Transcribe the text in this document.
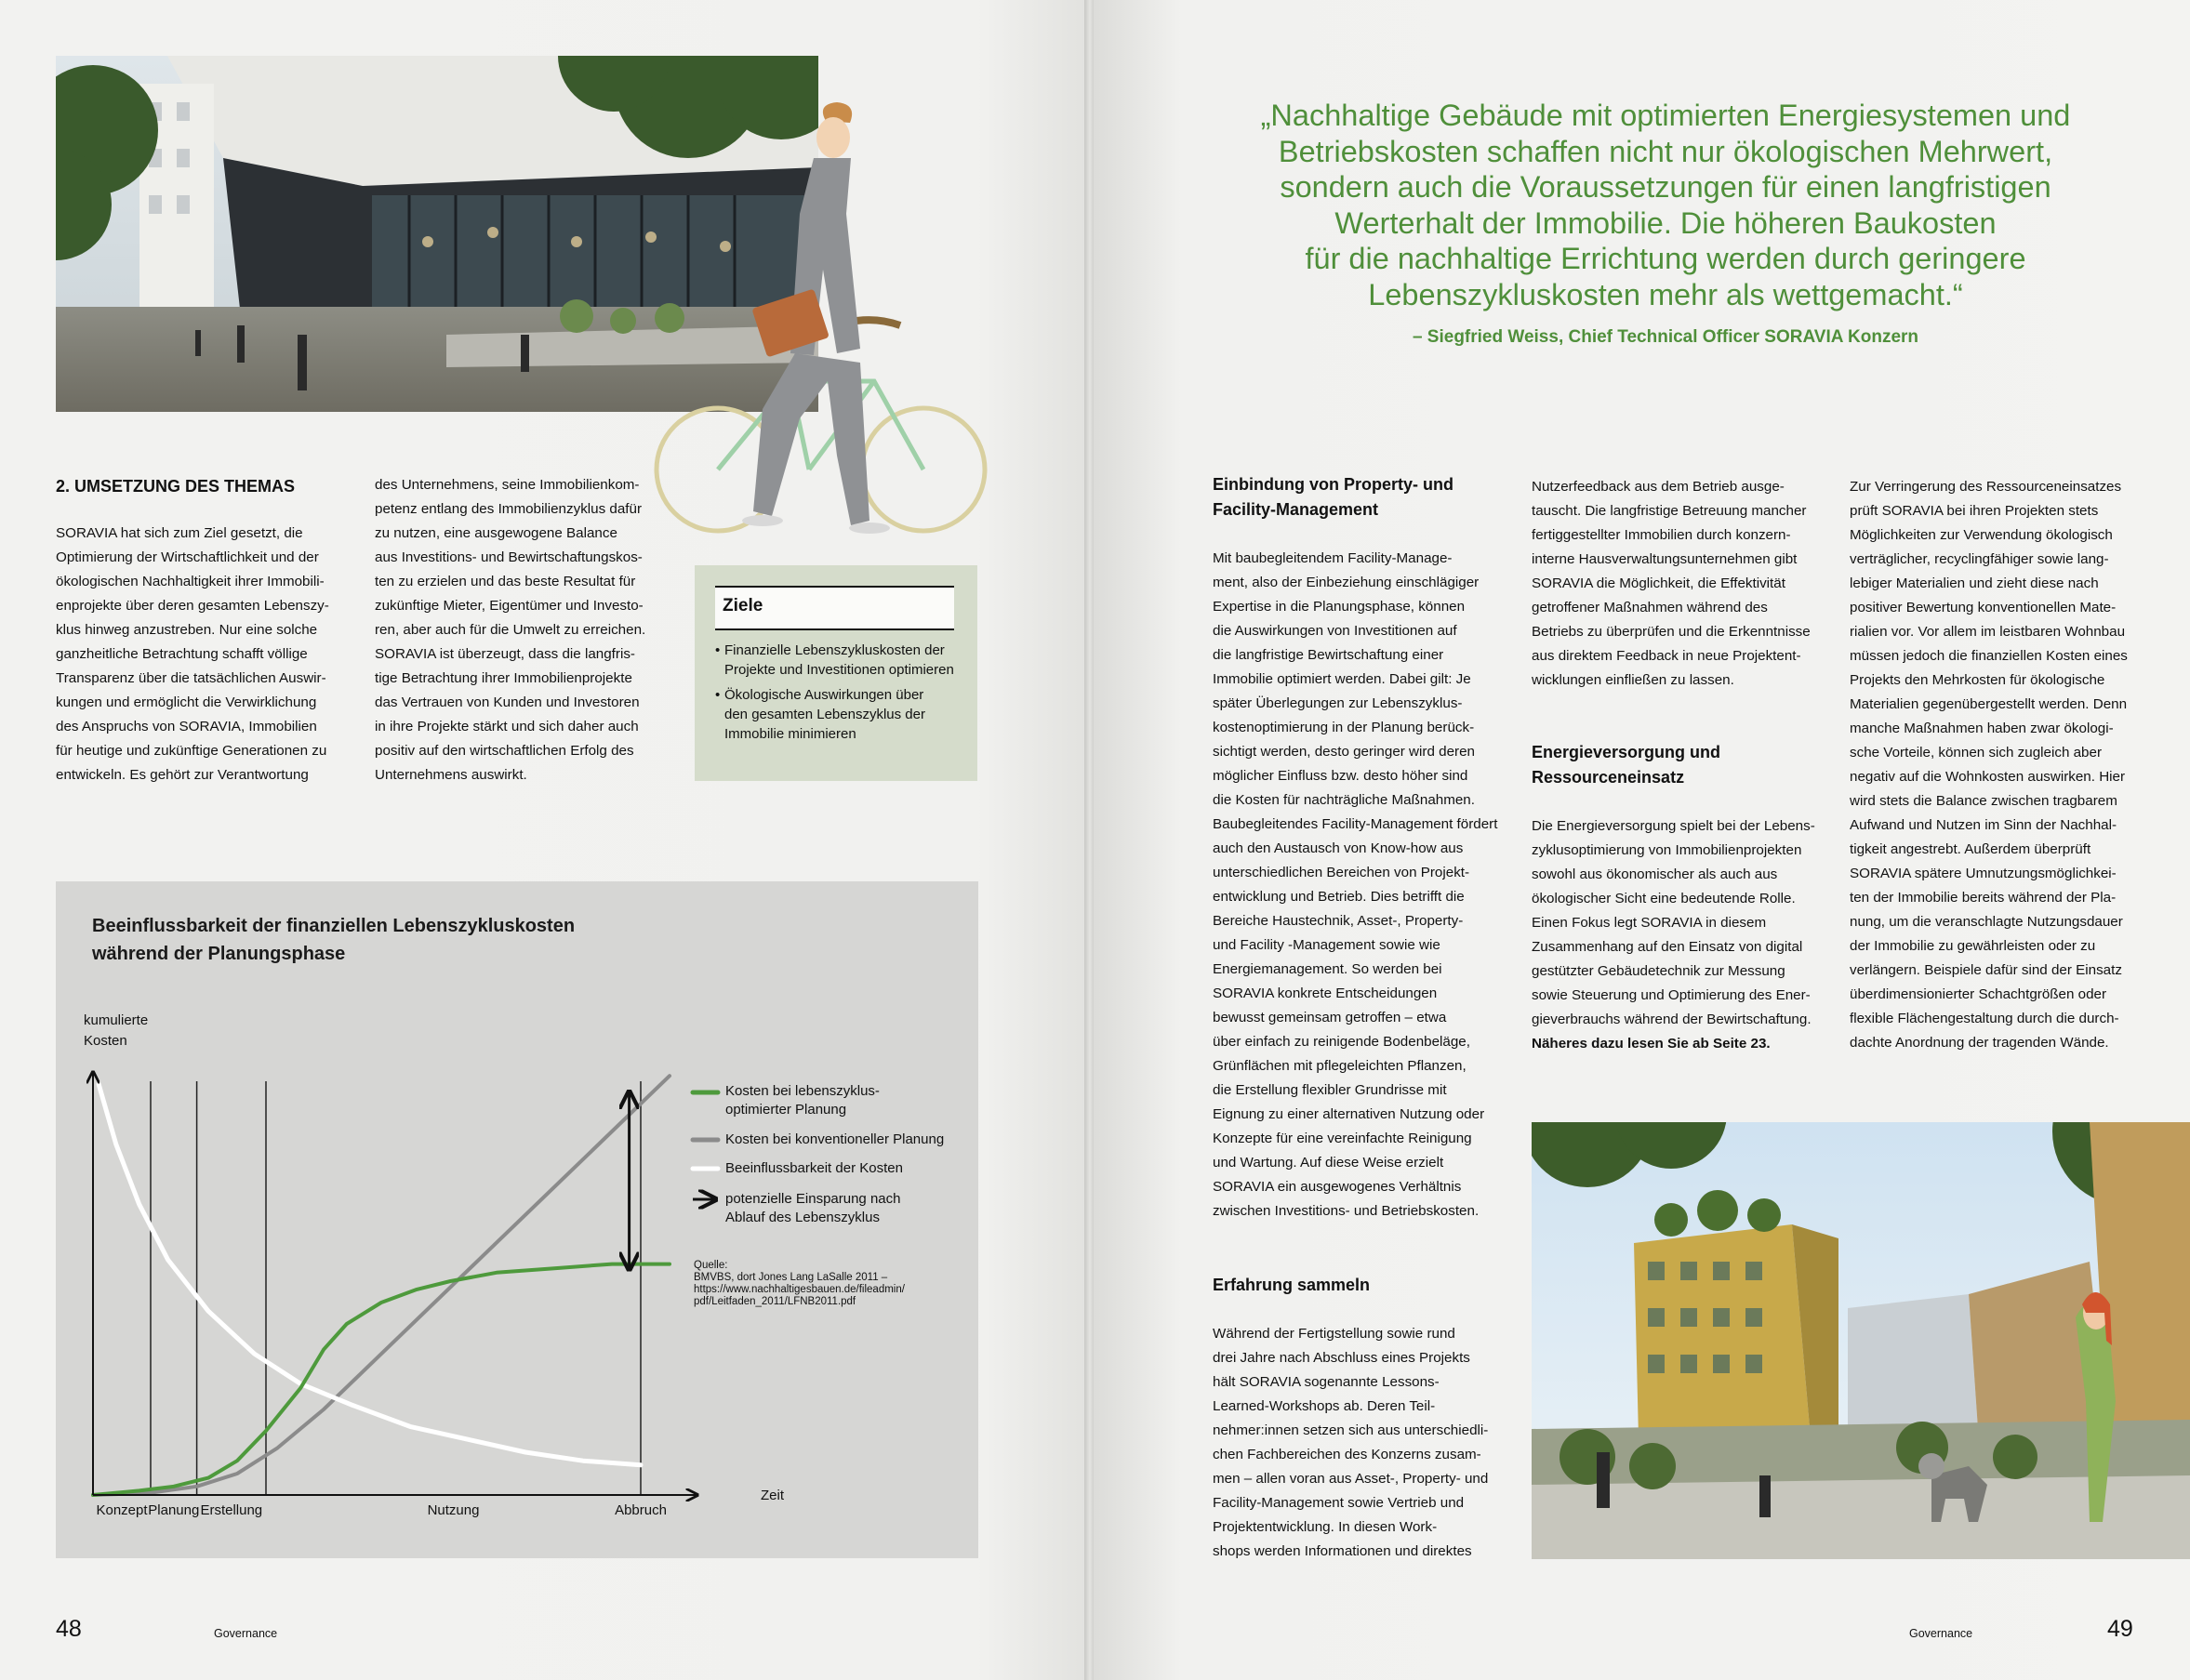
2. UMSETZUNG DES THEMAS
SORAVIA hat sich zum Ziel gesetzt, die
Optimierung der Wirtschaftlichkeit und der
ökologischen Nachhaltigkeit ihrer Immobili-
enprojekte über deren gesamten Lebenszy-
klus hinweg anzustreben. Nur eine solche
ganzheitliche Betrachtung schafft völlige
Transparenz über die tatsächlichen Auswir-
kungen und ermöglicht die Verwirklichung
des Anspruchs von SORAVIA, Immobilien
für heutige und zukünftige Generationen zu
entwickeln. Es gehört zur Verantwortung
des Unternehmens, seine Immobilienkom-
petenz entlang des Immobilienzyklus dafür
zu nutzen, eine ausgewogene Balance
aus Investitions- und Bewirtschaftungskos-
ten zu erzielen und das beste Resultat für
zukünftige Mieter, Eigentümer und Investo-
ren, aber auch für die Umwelt zu erreichen.
SORAVIA ist überzeugt, dass die langfris-
tige Betrachtung ihrer Immobilienprojekte
das Vertrauen von Kunden und Investoren
in ihre Projekte stärkt und sich daher auch
positiv auf den wirtschaftlichen Erfolg des
Unternehmens auswirkt.
Ziele
• Finanzielle Lebenszykluskosten der
Projekte und Investitionen optimieren
• Ökologische Auswirkungen über
den gesamten Lebenszyklus der
Immobilie minimieren
Beeinflussbarkeit der finanziellen Lebenszykluskosten
während der Planungsphase
kumulierte
Kosten
Zeit
Konzept Planung Erstellung	Nutzung	Abbruch
Kosten bei lebenszyklus-
optimierter Planung
Kosten bei konventioneller Planung
Beeinflussbarkeit der Kosten
potenzielle Einsparung nach
Ablauf des Lebenszyklus
Quelle:
BMVBS, dort Jones Lang LaSalle 2011 –
https://www.nachhaltigesbauen.de/fileadmin/
pdf/Leitfaden_2011/LFNB2011.pdf
48	Governance
„Nachhaltige Gebäude mit optimierten Energiesystemen und
Betriebskosten schaffen nicht nur ökologischen Mehrwert,
sondern auch die Voraussetzungen für einen langfristigen
Werterhalt der Immobilie. Die höheren Baukosten
für die nachhaltige Errichtung werden durch geringere
Lebenszykluskosten mehr als wettgemacht.“
– Siegfried Weiss, Chief Technical Officer SORAVIA Konzern
Einbindung von Property- und
Facility-Management
Mit baubegleitendem Facility-Manage-
ment, also der Einbeziehung einschlägiger
Expertise in die Planungsphase, können
die Auswirkungen von Investitionen auf
die langfristige Bewirtschaftung einer
Immobilie optimiert werden. Dabei gilt: Je
später Überlegungen zur Lebenszyklus-
kostenoptimierung in der Planung berück-
sichtigt werden, desto geringer wird deren
möglicher Einfluss bzw. desto höher sind
die Kosten für nachträgliche Maßnahmen.
Baubegleitendes Facility-Management fördert
auch den Austausch von Know-how aus
unterschiedlichen Bereichen von Projekt-
entwicklung und Betrieb. Dies betrifft die
Bereiche Haustechnik, Asset-, Property-
und Facility -Management sowie wie
Energiemanagement. So werden bei
SORAVIA konkrete Entscheidungen
bewusst gemeinsam getroffen – etwa
über einfach zu reinigende Bodenbeläge,
Grünflächen mit pflegeleichten Pflanzen,
die Erstellung flexibler Grundrisse mit
Eignung zu einer alternativen Nutzung oder
Konzepte für eine vereinfachte Reinigung
und Wartung. Auf diese Weise erzielt
SORAVIA ein ausgewogenes Verhältnis
zwischen Investitions- und Betriebskosten.
Erfahrung sammeln
Während der Fertigstellung sowie rund
drei Jahre nach Abschluss eines Projekts
hält SORAVIA sogenannte Lessons-
Learned-Workshops ab. Deren Teil-
nehmer:innen setzen sich aus unterschiedli-
chen Fachbereichen des Konzerns zusam-
men – allen voran aus Asset-, Property- und
Facility-Management sowie Vertrieb und
Projektentwicklung. In diesen Work-
shops werden Informationen und direktes
Nutzerfeedback aus dem Betrieb ausge-
tauscht. Die langfristige Betreuung mancher
fertiggestellter Immobilien durch konzern-
interne Hausverwaltungsunternehmen gibt
SORAVIA die Möglichkeit, die Effektivität
getroffener Maßnahmen während des
Betriebs zu überprüfen und die Erkenntnisse
aus direktem Feedback in neue Projektent-
wicklungen einfließen zu lassen.
Energieversorgung und
Ressourceneinsatz
Die Energieversorgung spielt bei der Lebens-
zyklusoptimierung von Immobilienprojekten
sowohl aus ökonomischer als auch aus
ökologischer Sicht eine bedeutende Rolle.
Einen Fokus legt SORAVIA in diesem
Zusammenhang auf den Einsatz von digital
gestützter Gebäudetechnik zur Messung
sowie Steuerung und Optimierung des Ener-
gieverbrauchs während der Bewirtschaftung.
Näheres dazu lesen Sie ab Seite 23.
Zur Verringerung des Ressourceneinsatzes
prüft SORAVIA bei ihren Projekten stets
Möglichkeiten zur Verwendung ökologisch
verträglicher, recyclingfähiger sowie lang-
lebiger Materialien und zieht diese nach
positiver Bewertung konventionellen Mate-
rialien vor. Vor allem im leistbaren Wohnbau
müssen jedoch die finanziellen Kosten eines
Projekts den Mehrkosten für ökologische
Materialien gegenübergestellt werden. Denn
manche Maßnahmen haben zwar ökologi-
sche Vorteile, können sich zugleich aber
negativ auf die Wohnkosten auswirken. Hier
wird stets die Balance zwischen tragbarem
Aufwand und Nutzen im Sinn der Nachhal-
tigkeit angestrebt. Außerdem überprüft
SORAVIA spätere Umnutzungsmöglichkei-
ten der Immobilie bereits während der Pla-
nung, um die veranschlagte Nutzungsdauer
der Immobilie zu gewährleisten oder zu
verlängern. Beispiele dafür sind der Einsatz
überdimensionierter Schachtgrößen oder
flexible Flächengestaltung durch die durch-
dachte Anordnung der tragenden Wände.
Governance	49
